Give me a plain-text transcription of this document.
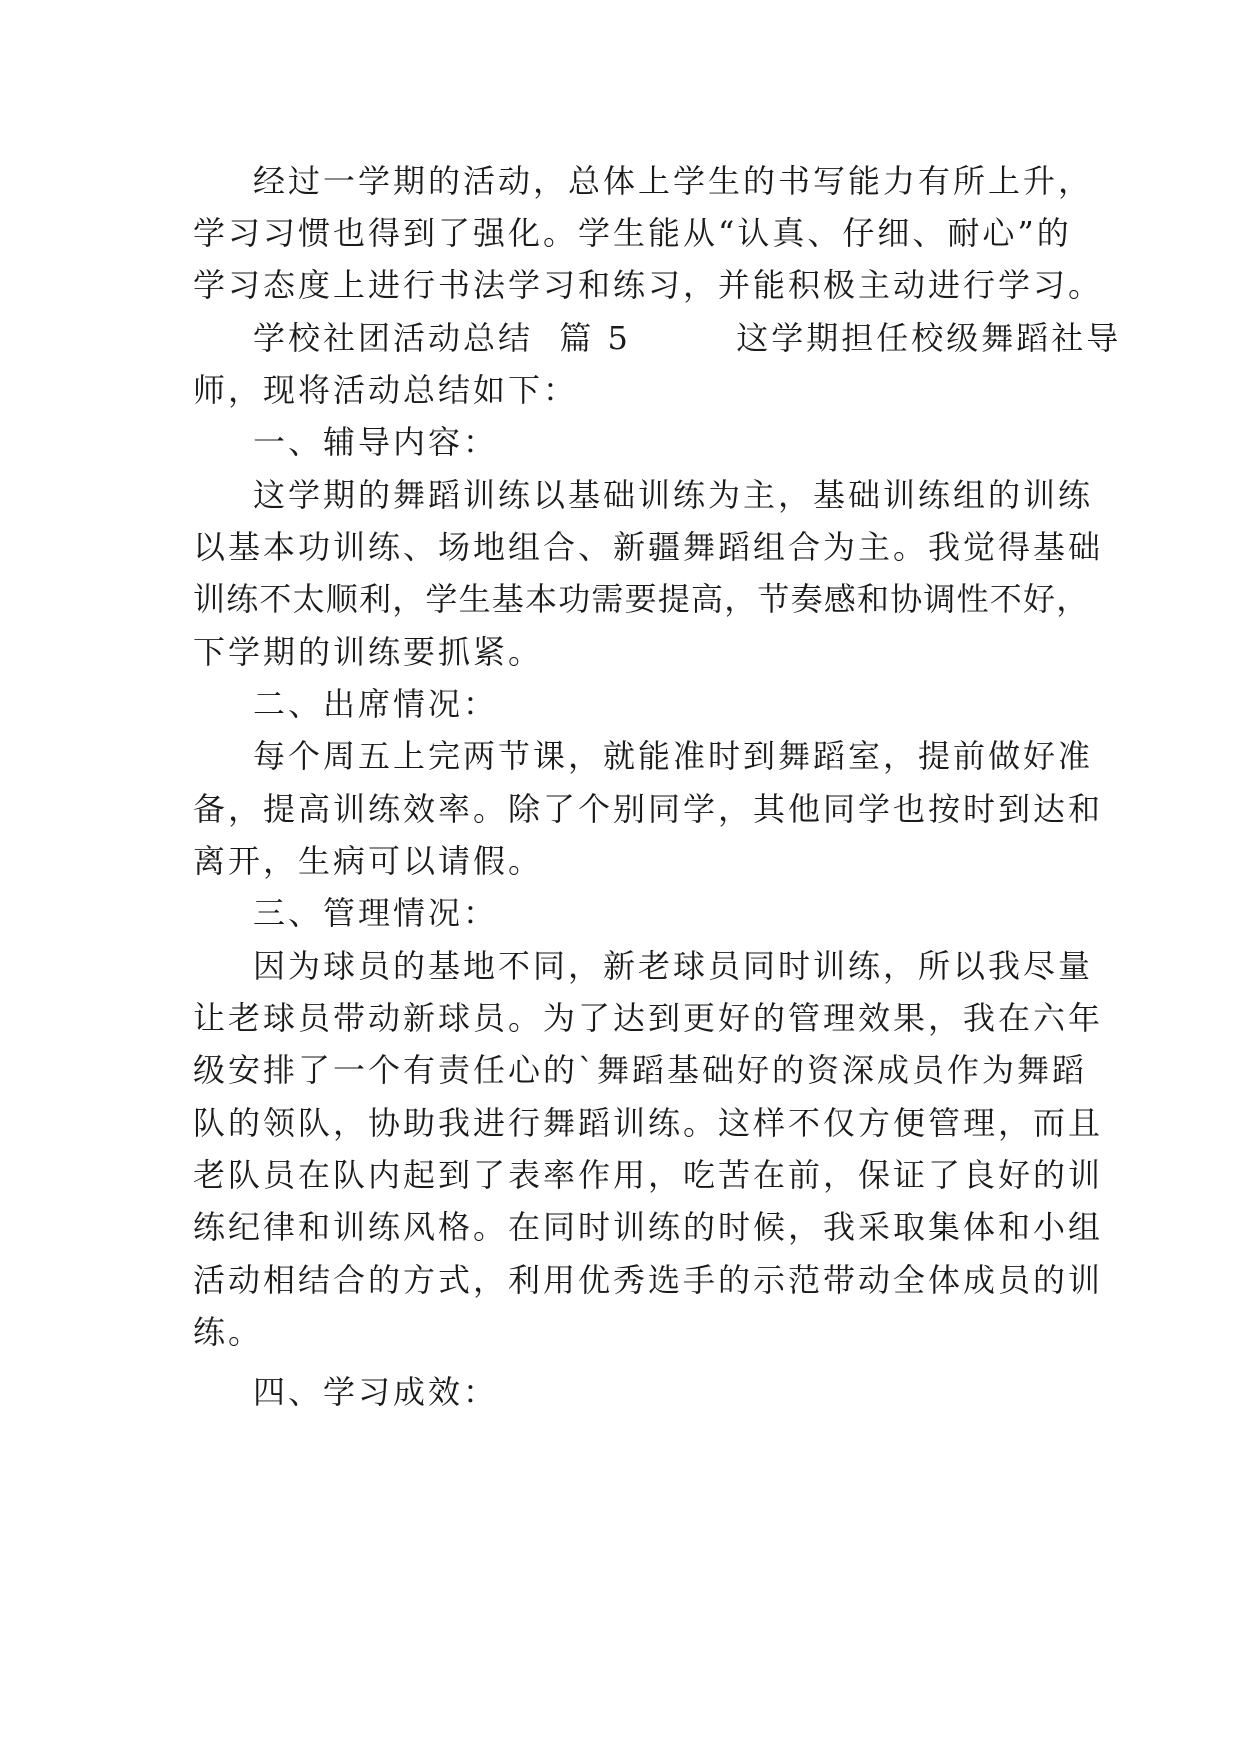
经过一学期的活动，总体上学生的书写能力有所上升，
学习习惯也得到了强化。学生能从“认真、仔细、耐心”的
学习态度上进行书法学习和练习，并能积极主动进行学习。
学校社团活动总结  篇 5        这学期担任校级舞蹈社导
师，现将活动总结如下：
一、辅导内容：
这学期的舞蹈训练以基础训练为主，基础训练组的训练
以基本功训练、场地组合、新疆舞蹈组合为主。我觉得基础
训练不太顺利，学生基本功需要提高，节奏感和协调性不好，
下学期的训练要抓紧。
二、出席情况：
每个周五上完两节课，就能准时到舞蹈室，提前做好准
备，提高训练效率。除了个别同学，其他同学也按时到达和
离开，生病可以请假。
三、管理情况：
因为球员的基地不同，新老球员同时训练，所以我尽量
让老球员带动新球员。为了达到更好的管理效果，我在六年
级安排了一个有责任心的`舞蹈基础好的资深成员作为舞蹈
队的领队，协助我进行舞蹈训练。这样不仅方便管理，而且
老队员在队内起到了表率作用，吃苦在前，保证了良好的训
练纪律和训练风格。在同时训练的时候，我采取集体和小组
活动相结合的方式，利用优秀选手的示范带动全体成员的训
练。
四、学习成效：
